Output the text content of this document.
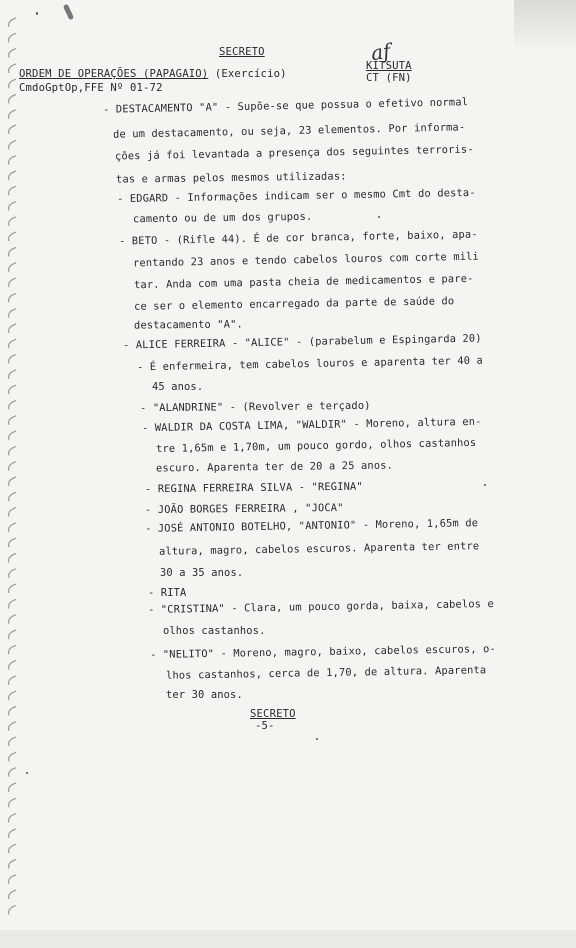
SECRETO
ORDEM DE OPERAÇÕES (PAPAGAIO) (Exercício)
CmdoGptOp,FFE Nº 01-72
af
KITSUTA
CT (FN)
- DESTACAMENTO "A" - Supõe-se que possua o efetivo normal
de um destacamento, ou seja, 23 elementos. Por informa-
ções já foi levantada a presença dos seguintes terroris-
tas e armas pelos mesmos utilizadas:
- EDGARD - Informações indicam ser o mesmo Cmt do desta-
camento ou de um dos grupos.
- BETO - (Rifle 44). É de cor branca, forte, baixo, apa-
rentando 23 anos e tendo cabelos louros com corte mili
tar. Anda com uma pasta cheia de medicamentos e pare-
ce ser o elemento encarregado da parte de saúde do
destacamento "A".
- ALICE FERREIRA - "ALICE" - (parabelum e Espingarda 20)
- É enfermeira, tem cabelos louros e aparenta ter 40 a
45 anos.
- "ALANDRINE" - (Revolver e terçado)
- WALDIR DA COSTA LIMA, "WALDIR" - Moreno, altura en-
tre 1,65m e 1,70m, um pouco gordo, olhos castanhos
escuro. Aparenta ter de 20 a 25 anos.
- REGINA FERREIRA SILVA - "REGINA"
- JOÃO BORGES FERREIRA , "JOCA"
- JOSÉ ANTONIO BOTELHO, "ANTONIO" - Moreno, 1,65m de
altura, magro, cabelos escuros. Aparenta ter entre
30 a 35 anos.
- RITA
- "CRISTINA" - Clara, um pouco gorda, baixa, cabelos e
olhos castanhos.
- "NELITO" - Moreno, magro, baixo, cabelos escuros, o-
lhos castanhos, cerca de 1,70, de altura. Aparenta
ter 30 anos.
SECRETO
-5-
